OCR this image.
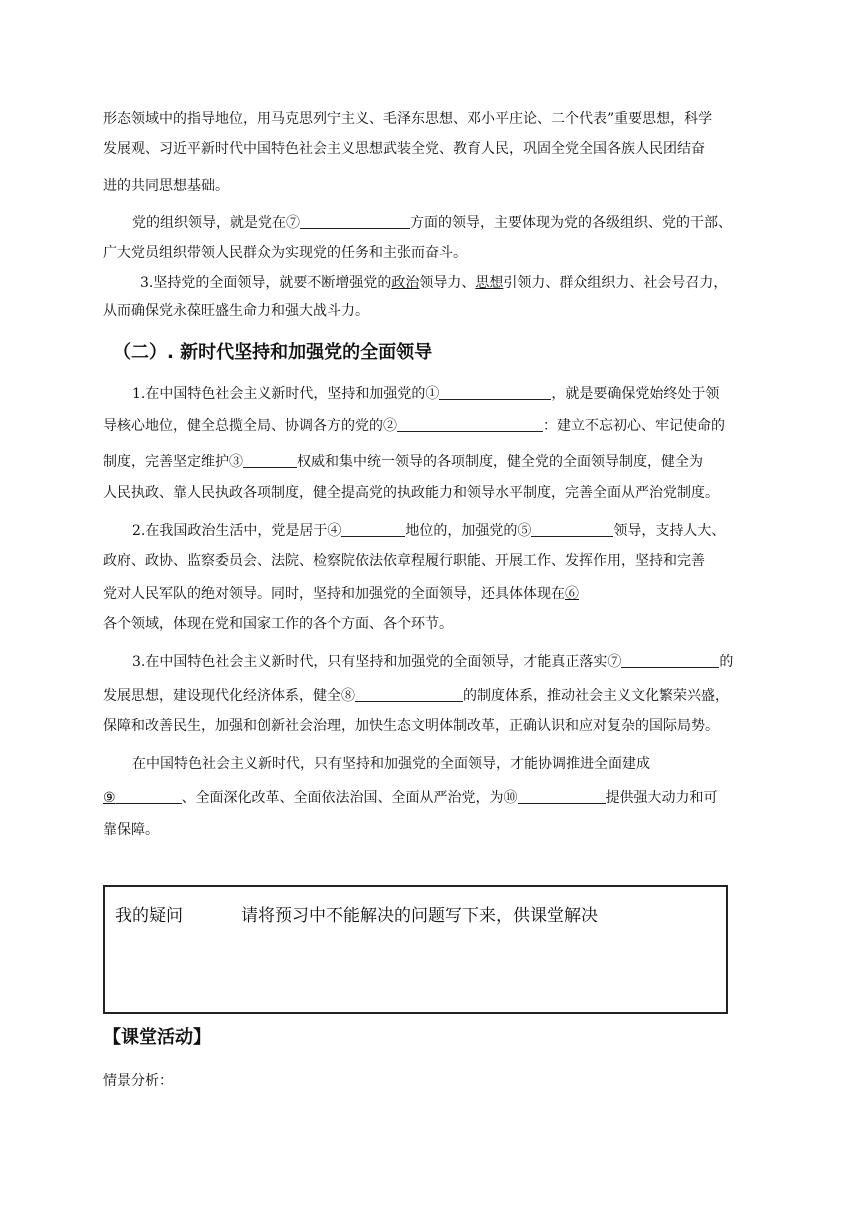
形态领域中的指导地位，用马克思列宁主义、毛泽东思想、邓小平庄论、二个代表”重要思想，科学

发展观、习近平新时代中国特色社会主义思想武装全党、教育人民，巩固全党全国各族人民团结奋

进的共同思想基础。

党的组织领导，就是党在⑦	方面的领导，主要体现为党的各级组织、党的干部、

广大党员组织带领人民群众为实现党的任务和主张而奋斗。

3.坚持党的全面领导，就要不断增强党的政治领导力、思想引领力、群众组织力、社会号召力，

从而确保党永葆旺盛生命力和强大战斗力。

（二）. 新时代坚持和加强党的全面领导

1.在中国特色社会主义新时代，坚持和加强党的①	，就是要确保党始终处于领

导核心地位，健全总揽全局、协调各方的党的②	：建立不忘初心、牢记使命的

制度，完善坚定维护③	权威和集中统一领导的各项制度，健全党的全面领导制度，健全为

人民执政、靠人民执政各项制度，健全提高党的执政能力和领导水平制度，完善全面从严治党制度。

2.在我国政治生活中，党是居于④	地位的，加强党的⑤	领导，支持人大、

政府、政协、监察委员会、法院、检察院依法依章程履行职能、开展工作、发挥作用，坚持和完善

党对人民军队的绝对领导。同时，坚持和加强党的全面领导，还具体体现在⑥

各个领域，体现在党和国家工作的各个方面、各个环节。

3.在中国特色社会主义新时代，只有坚持和加强党的全面领导，才能真正落实⑦	的

发展思想，建设现代化经济体系，健全⑧	的制度体系，推动社会主义文化繁荣兴盛，

保障和改善民生，加强和创新社会治理，加快生态文明体制改革，正确认识和应对复杂的国际局势。

在中国特色社会主义新时代，只有坚持和加强党的全面领导，才能协调推进全面建成

⑨	、全面深化改革、全面依法治国、全面从严治党，为⑩	提供强大动力和可

靠保障。

我的疑问	请将预习中不能解决的问题写下来，供课堂解决
【课堂活动】

情景分析：
